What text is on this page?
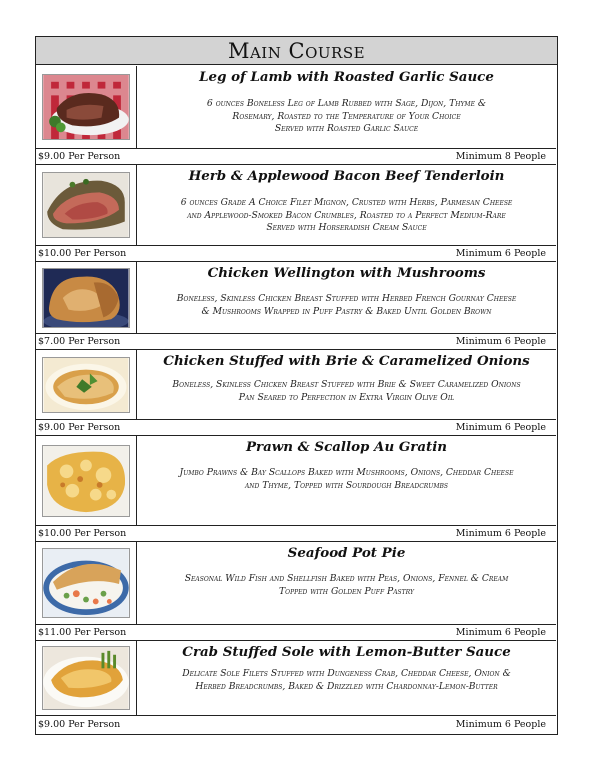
Main Course
Leg of Lamb with Roasted Garlic Sauce
6 ounces Boneless Leg of Lamb Rubbed with Sage, Dijon, Thyme &
Rosemary, Roasted to the Temperature of Your Choice
Served with Roasted Garlic Sauce
$9.00 Per Person	Minimum 8 People
Herb & Applewood Bacon Beef Tenderloin
6 ounces Grade A Choice Filet Mignon, Crusted with Herbs, Parmesan Cheese
and Applewood-Smoked Bacon Crumbles, Roasted to a Perfect Medium-Rare
Served with Horseradish Cream Sauce
$10.00 Per Person	Minimum 6 People
Chicken Wellington with Mushrooms
Boneless, Skinless Chicken Breast Stuffed with Herbed French Gournay Cheese
& Mushrooms Wrapped in Puff Pastry & Baked Until Golden Brown
$7.00 Per Person	Minimum 6 People
Chicken Stuffed with Brie & Caramelized Onions
Boneless, Skinless Chicken Breast Stuffed with Brie & Sweet Caramelized Onions
Pan Seared to Perfection in Extra Virgin Olive Oil
$9.00 Per Person	Minimum 6 People
Prawn & Scallop Au Gratin
Jumbo Prawns & Bay Scallops Baked with Mushrooms, Onions, Cheddar Cheese
and Thyme, Topped with Sourdough Breadcrumbs
$10.00 Per Person	Minimum 6 People
Seafood Pot Pie
Seasonal Wild Fish and Shellfish Baked with Peas, Onions, Fennel & Cream
Topped with Golden Puff Pastry
$11.00 Per Person	Minimum 6 People
Crab Stuffed Sole with Lemon-Butter Sauce
Delicate Sole Filets Stuffed with Dungeness Crab, Cheddar Cheese, Onion &
Herbed Breadcrumbs, Baked & Drizzled with Chardonnay-Lemon-Butter
$9.00 Per Person	Minimum 6 People
